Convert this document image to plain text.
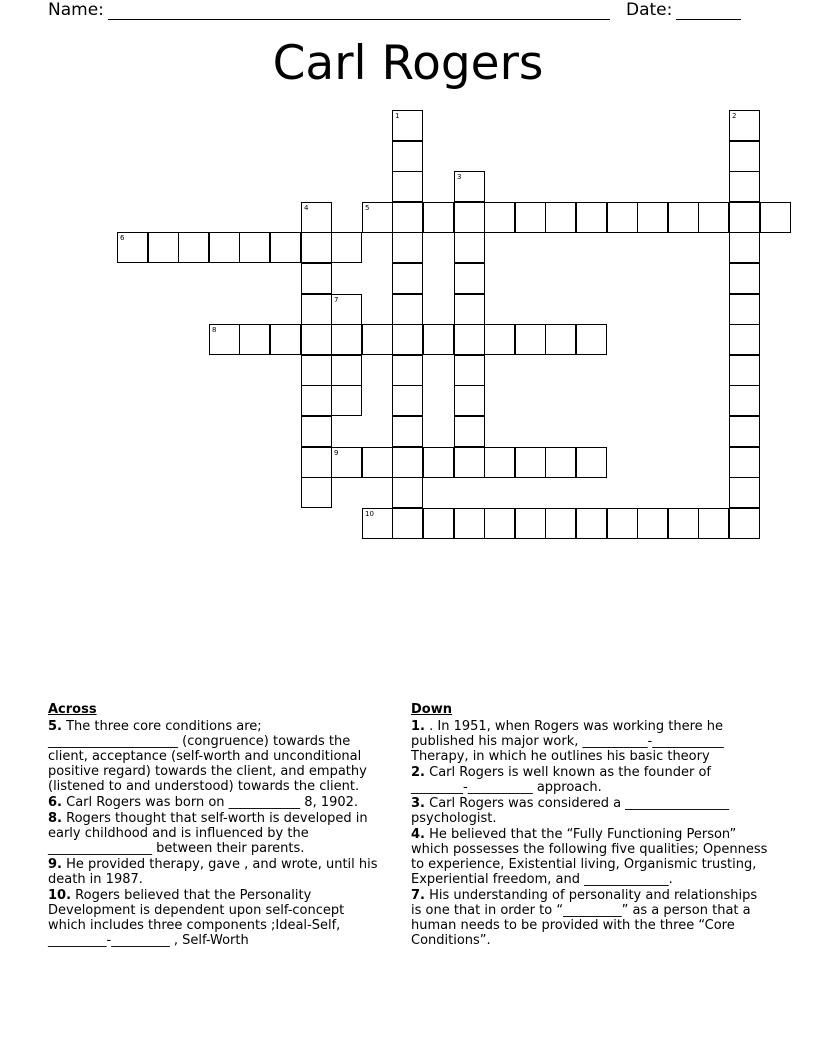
Name:	Date:
Carl Rogers
1	2
3
4	5
6
7
8
9
10
Across
5. The three core conditions are; ____________________ (congruence) towards the client, acceptance (self-worth and unconditional positive regard) towards the client, and empathy (listened to and understood) towards the client.
6. Carl Rogers was born on ___________ 8, 1902.
8. Rogers thought that self-worth is developed in early childhood and is influenced by the ________________ between their parents.
9. He provided therapy, gave , and wrote, until his death in 1987.
10. Rogers believed that the Personality Development is dependent upon self-concept which includes three components ;Ideal-Self, _________-_________ , Self-Worth
Down
1. . In 1951, when Rogers was working there he published his major work, __________-___________ Therapy, in which he outlines his basic theory
2. Carl Rogers is well known as the founder of ________-__________ approach.
3. Carl Rogers was considered a ________________ psychologist.
4. He believed that the “Fully Functioning Person” which possesses the following five qualities; Openness to experience, Existential living, Organismic trusting, Experiential freedom, and _____________.
7. His understanding of personality and relationships is one that in order to “_________” as a person that a human needs to be provided with the three “Core Conditions”.
